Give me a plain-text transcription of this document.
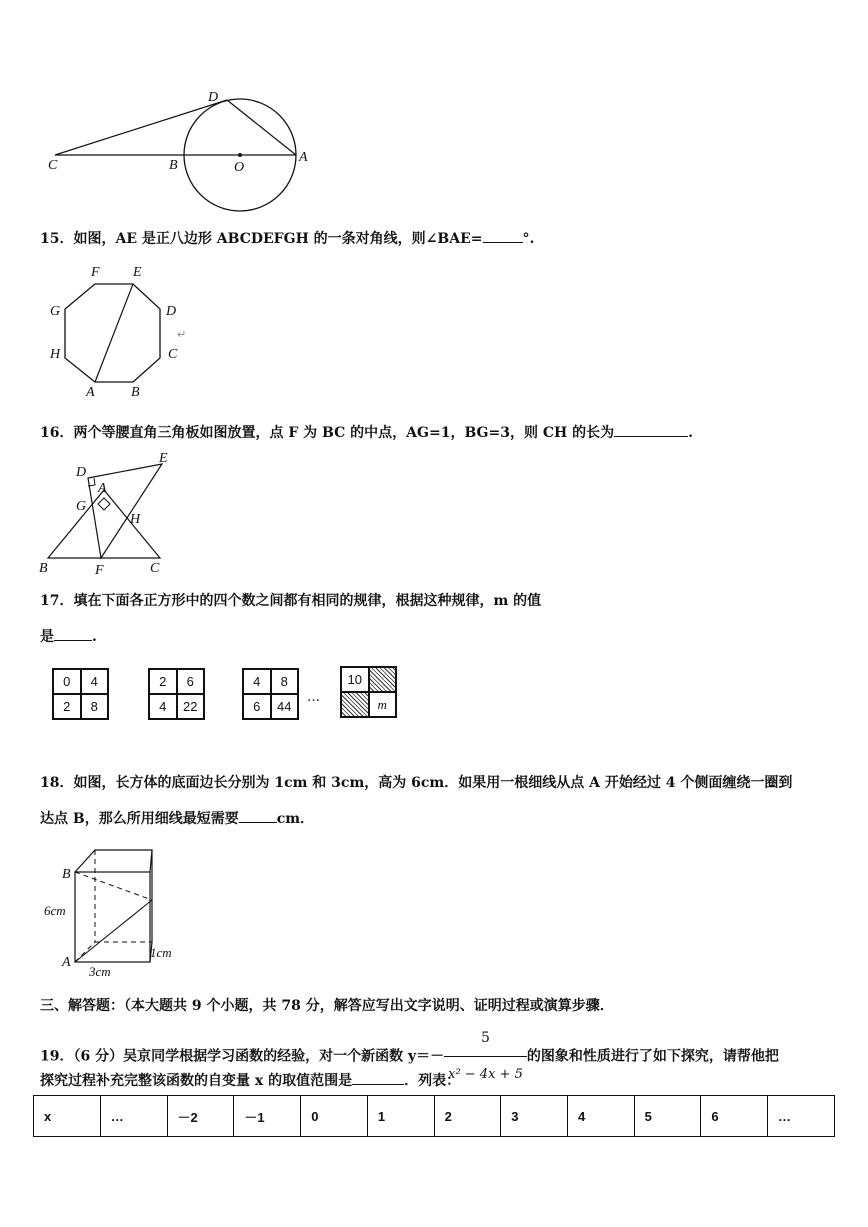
D
C	B	O
A
15．如图，AE 是正八边形 ABCDEFGH 的一条对角线，则∠BAE=	°.
F E
G	D
H	C
A	B
↵
16．两个等腰直角三角板如图放置，点 F 为 BC 的中点，AG=1，BG=3，则 CH 的长为	.
D
E
A
G
H
B	F	C
17．填在下面各正方形中的四个数之间都有相同的规律，根据这种规律，m 的值
是	.
0	4
2	8
2	6
4	22
4	8
6	44
…
10
m
18．如图，长方体的底面边长分别为 1cm 和 3cm，高为 6cm．如果用一根细线从点 A 开始经过 4 个侧面缠绕一圈到
达点 B，那么所用细线最短需要	cm．
B
6cm
A
3cm
1cm
三、解答题：（本大题共 9 个小题，共 78 分，解答应写出文字说明、证明过程或演算步骤．
19．（6 分）吴京同学根据学习函数的经验，对一个新函数 $y=- \frac{5}{\text{x² − 4x + 5}}$ 的图象和性质进行了如下探究，请帮他把
探究过程补充完整该函数的自变量 x 的取值范围是	．列表：
x	…	－2	－1	0	1	2	3	4	5	6	…
